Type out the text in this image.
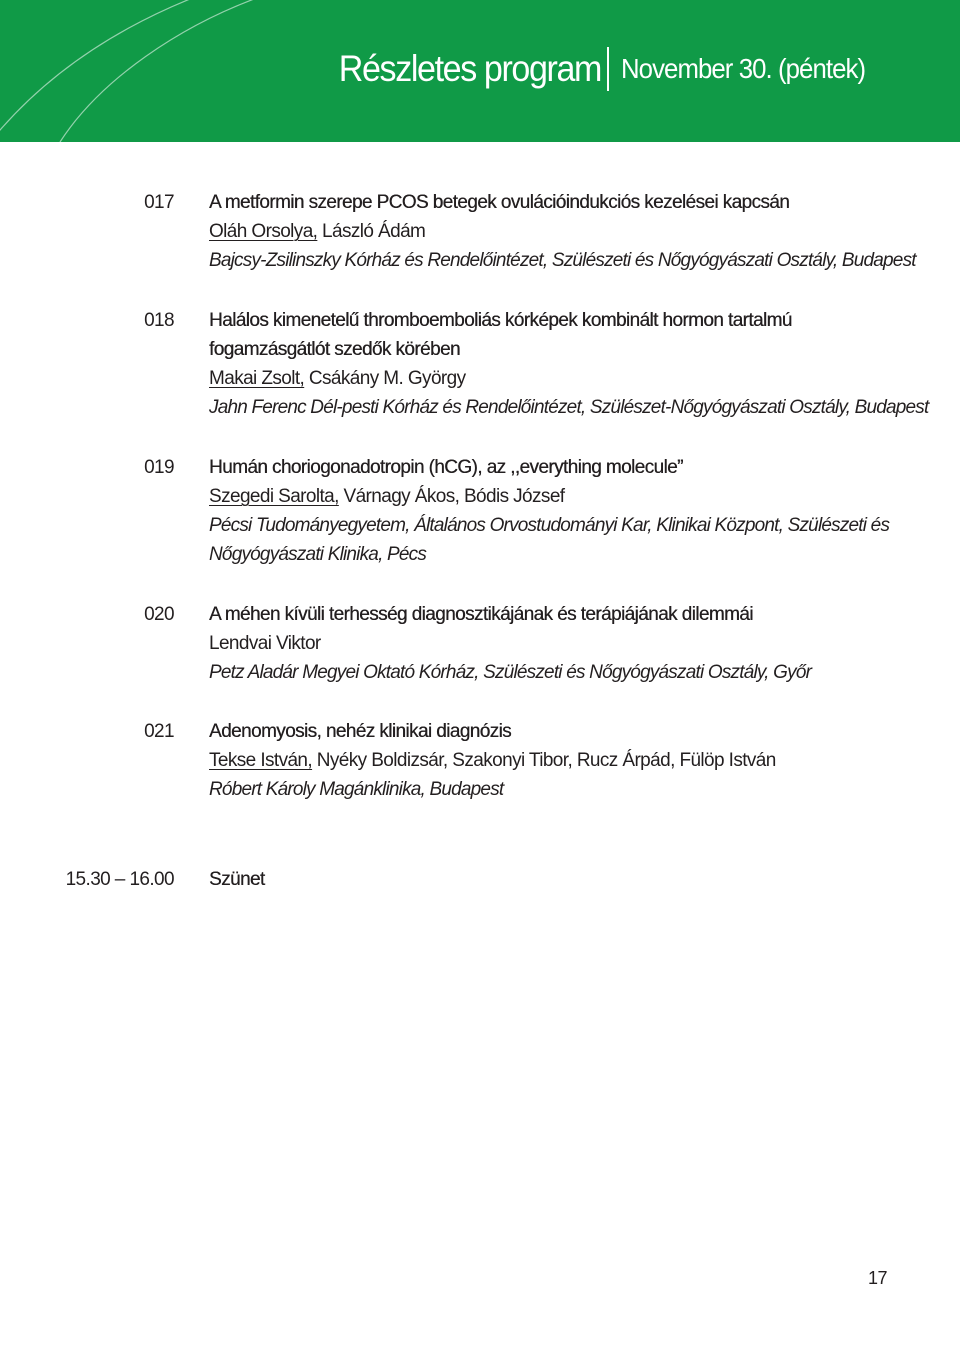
Részletes program November 30. (péntek)
017 A metformin szerepe PCOS betegek ovulációindukciós kezelései kapcsán
Oláh Orsolya, László Ádám
Bajcsy-Zsilinszky Kórház és Rendelőintézet, Szülészeti és Nőgyógyászati Osztály, Budapest
018 Halálos kimenetelű thromboemboliás kórképek kombinált hormon tartalmú
fogamzásgátlót szedők körében
Makai Zsolt, Csákány M. György
Jahn Ferenc Dél-pesti Kórház és Rendelőintézet, Szülészet-Nőgyógyászati Osztály, Budapest
019 Humán choriogonadotropin (hCG), az ,,everything molecule”
Szegedi Sarolta, Várnagy Ákos, Bódis József
Pécsi Tudományegyetem, Általános Orvostudományi Kar, Klinikai Központ, Szülészeti és
Nőgyógyászati Klinika, Pécs
020 A méhen kívüli terhesség diagnosztikájának és terápiájának dilemmái
Lendvai Viktor
Petz Aladár Megyei Oktató Kórház, Szülészeti és Nőgyógyászati Osztály, Győr
021 Adenomyosis, nehéz klinikai diagnózis
Tekse István, Nyéky Boldizsár, Szakonyi Tibor, Rucz Árpád, Fülöp István
Róbert Károly Magánklinika, Budapest
15.30 – 16.00 Szünet
17
